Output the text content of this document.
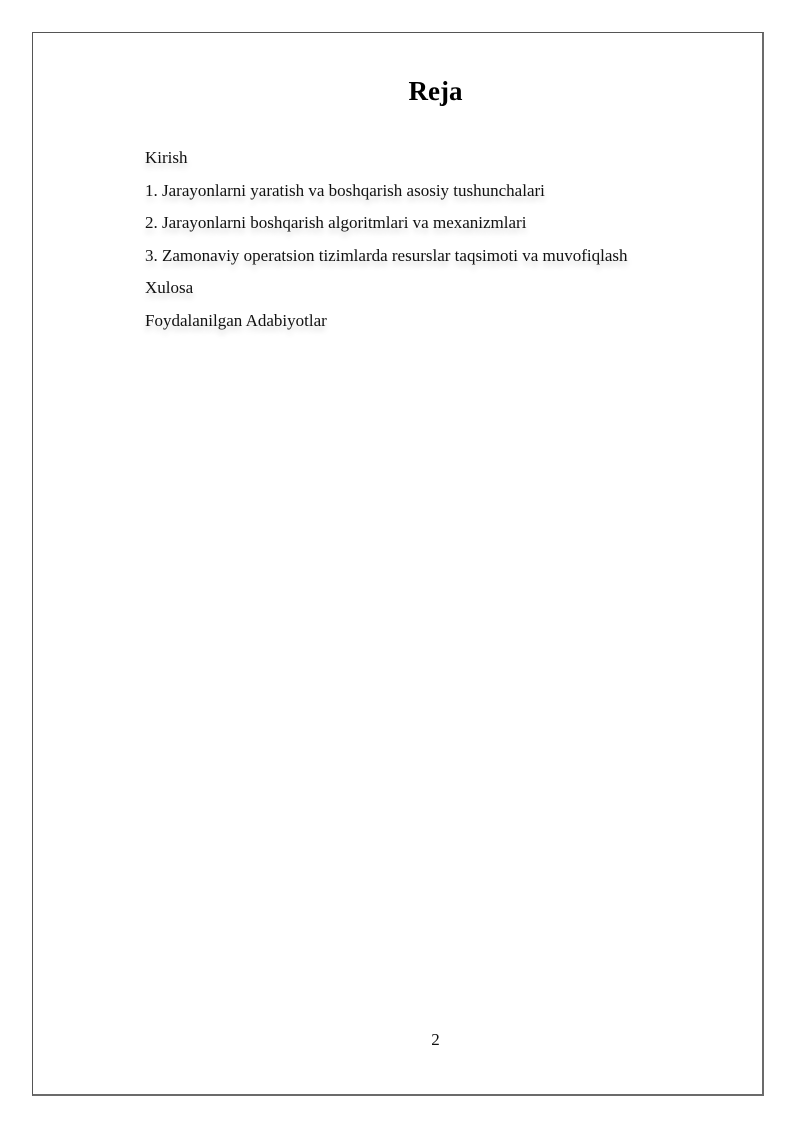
Reja
Kirish
1. Jarayonlarni yaratish va boshqarish asosiy tushunchalari
2. Jarayonlarni boshqarish algoritmlari va mexanizmlari
3. Zamonaviy operatsion tizimlarda resurslar taqsimoti va muvofiqlash
Xulosa
Foydalanilgan Adabiyotlar
2
